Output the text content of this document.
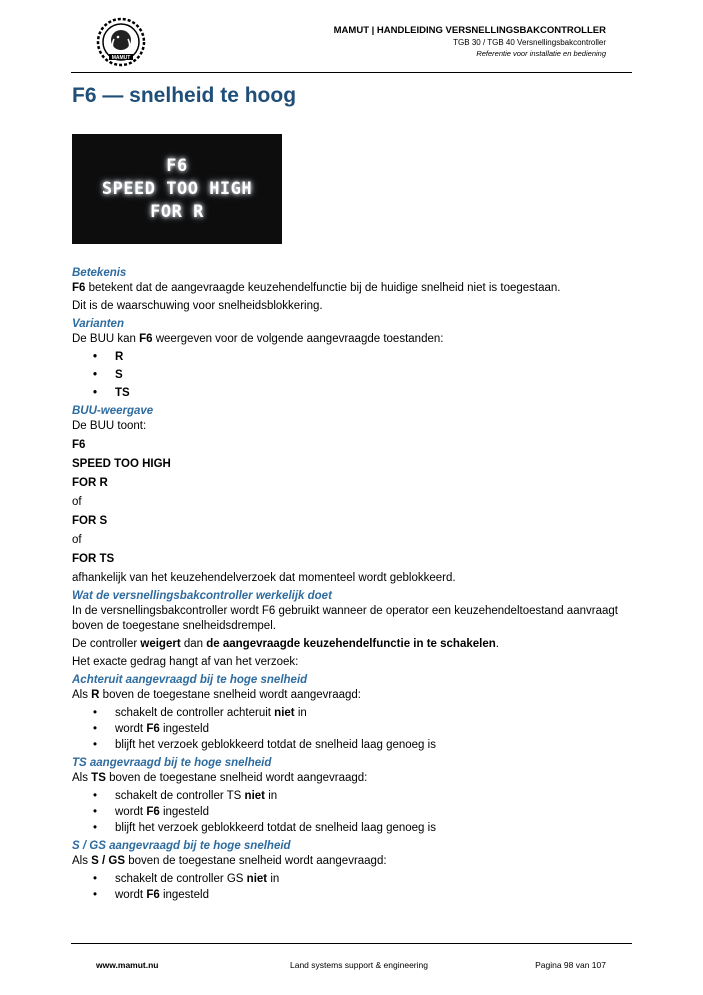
MAMUT
MAMUT | HANDLEIDING VERSNELLINGSBAKCONTROLLER
TGB 30 / TGB 40 Versnellingsbakcontroller
Referentie voor installatie en bediening
F6 — snelheid te hoog
F6
SPEED TOO HIGH
FOR R
Betekenis
F6 betekent dat de aangevraagde keuzehendelfunctie bij de huidige snelheid niet is toegestaan.
Dit is de waarschuwing voor snelheidsblokkering.
Varianten
De BUU kan F6 weergeven voor de volgende aangevraagde toestanden:
• R
• S
• TS
BUU-weergave
De BUU toont:
F6
SPEED TOO HIGH
FOR R
of
FOR S
of
FOR TS
afhankelijk van het keuzehendelverzoek dat momenteel wordt geblokkeerd.
Wat de versnellingsbakcontroller werkelijk doet
In de versnellingsbakcontroller wordt F6 gebruikt wanneer de operator een keuzehendeltoestand aanvraagt boven de toegestane snelheidsdrempel.
De controller weigert dan de aangevraagde keuzehendelfunctie in te schakelen.
Het exacte gedrag hangt af van het verzoek:
Achteruit aangevraagd bij te hoge snelheid
Als R boven de toegestane snelheid wordt aangevraagd:
• schakelt de controller achteruit niet in
• wordt F6 ingesteld
• blijft het verzoek geblokkeerd totdat de snelheid laag genoeg is
TS aangevraagd bij te hoge snelheid
Als TS boven de toegestane snelheid wordt aangevraagd:
• schakelt de controller TS niet in
• wordt F6 ingesteld
• blijft het verzoek geblokkeerd totdat de snelheid laag genoeg is
S / GS aangevraagd bij te hoge snelheid
Als S / GS boven de toegestane snelheid wordt aangevraagd:
• schakelt de controller GS niet in
• wordt F6 ingesteld
www.mamut.nu	Land systems support & engineering	Pagina 98 van 107
